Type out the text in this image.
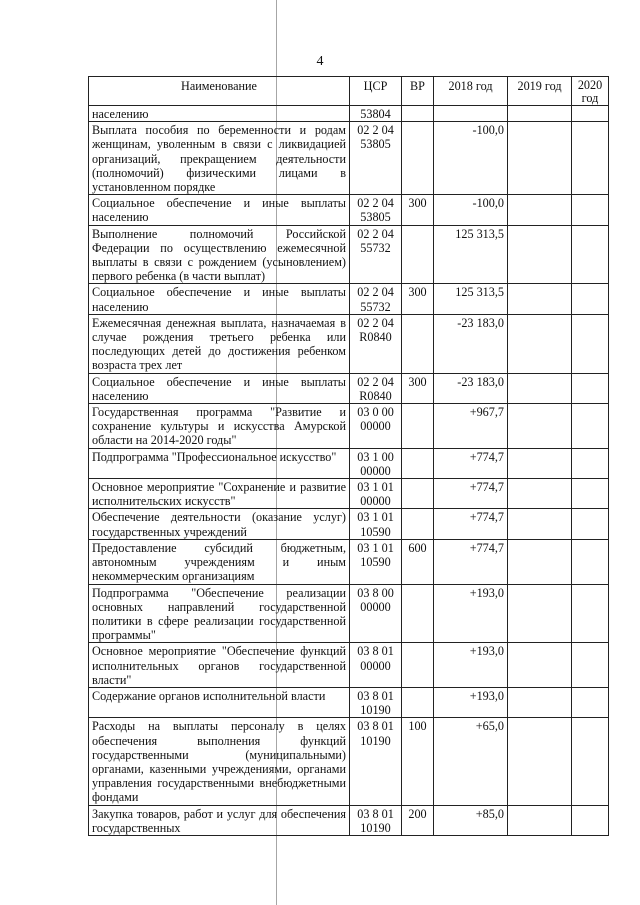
4
Наименование	ЦСР	ВР	2018 год	2019 год	2020 год
населению	53804				
Выплата пособия по беременности и родам женщинам, уволенным в связи с ликвидацией организаций, прекращением деятельности (полномочий) физическими лицами в установленном порядке	02 2 04 53805		-100,0		
Социальное обеспечение и иные выплаты населению	02 2 04 53805	300	-100,0		
Выполнение полномочий Российской Федерации по осуществлению ежемесячной выплаты в связи с рождением (усыновлением) первого ребенка (в части выплат)	02 2 04 55732		125 313,5		
Социальное обеспечение и иные выплаты населению	02 2 04 55732	300	125 313,5		
Ежемесячная денежная выплата, назначаемая в случае рождения третьего ребенка или последующих детей до достижения ребенком возраста трех лет	02 2 04 R0840		-23 183,0		
Социальное обеспечение и иные выплаты населению	02 2 04 R0840	300	-23 183,0		
Государственная программа "Развитие и сохранение культуры и искусства Амурской области на 2014-2020 годы"	03 0 00 00000		+967,7		
Подпрограмма "Профессиональное искусство"	03 1 00 00000		+774,7		
Основное мероприятие "Сохранение и развитие исполнительских искусств"	03 1 01 00000		+774,7		
Обеспечение деятельности (оказание услуг) государственных учреждений	03 1 01 10590		+774,7		
Предоставление субсидий бюджетным, автономным учреждениям и иным некоммерческим организациям	03 1 01 10590	600	+774,7		
Подпрограмма "Обеспечение реализации основных направлений государственной политики в сфере реализации государственной программы"	03 8 00 00000		+193,0		
Основное мероприятие "Обеспечение функций исполнительных органов государственной власти"	03 8 01 00000		+193,0		
Содержание органов исполнительной власти	03 8 01 10190		+193,0		
Расходы на выплаты персоналу в целях обеспечения выполнения функций государственными (муниципальными) органами, казенными учреждениями, органами управления государственными внебюджетными фондами	03 8 01 10190	100	+65,0		
Закупка товаров, работ и услуг для обеспечения государственных	03 8 01 10190	200	+85,0		
